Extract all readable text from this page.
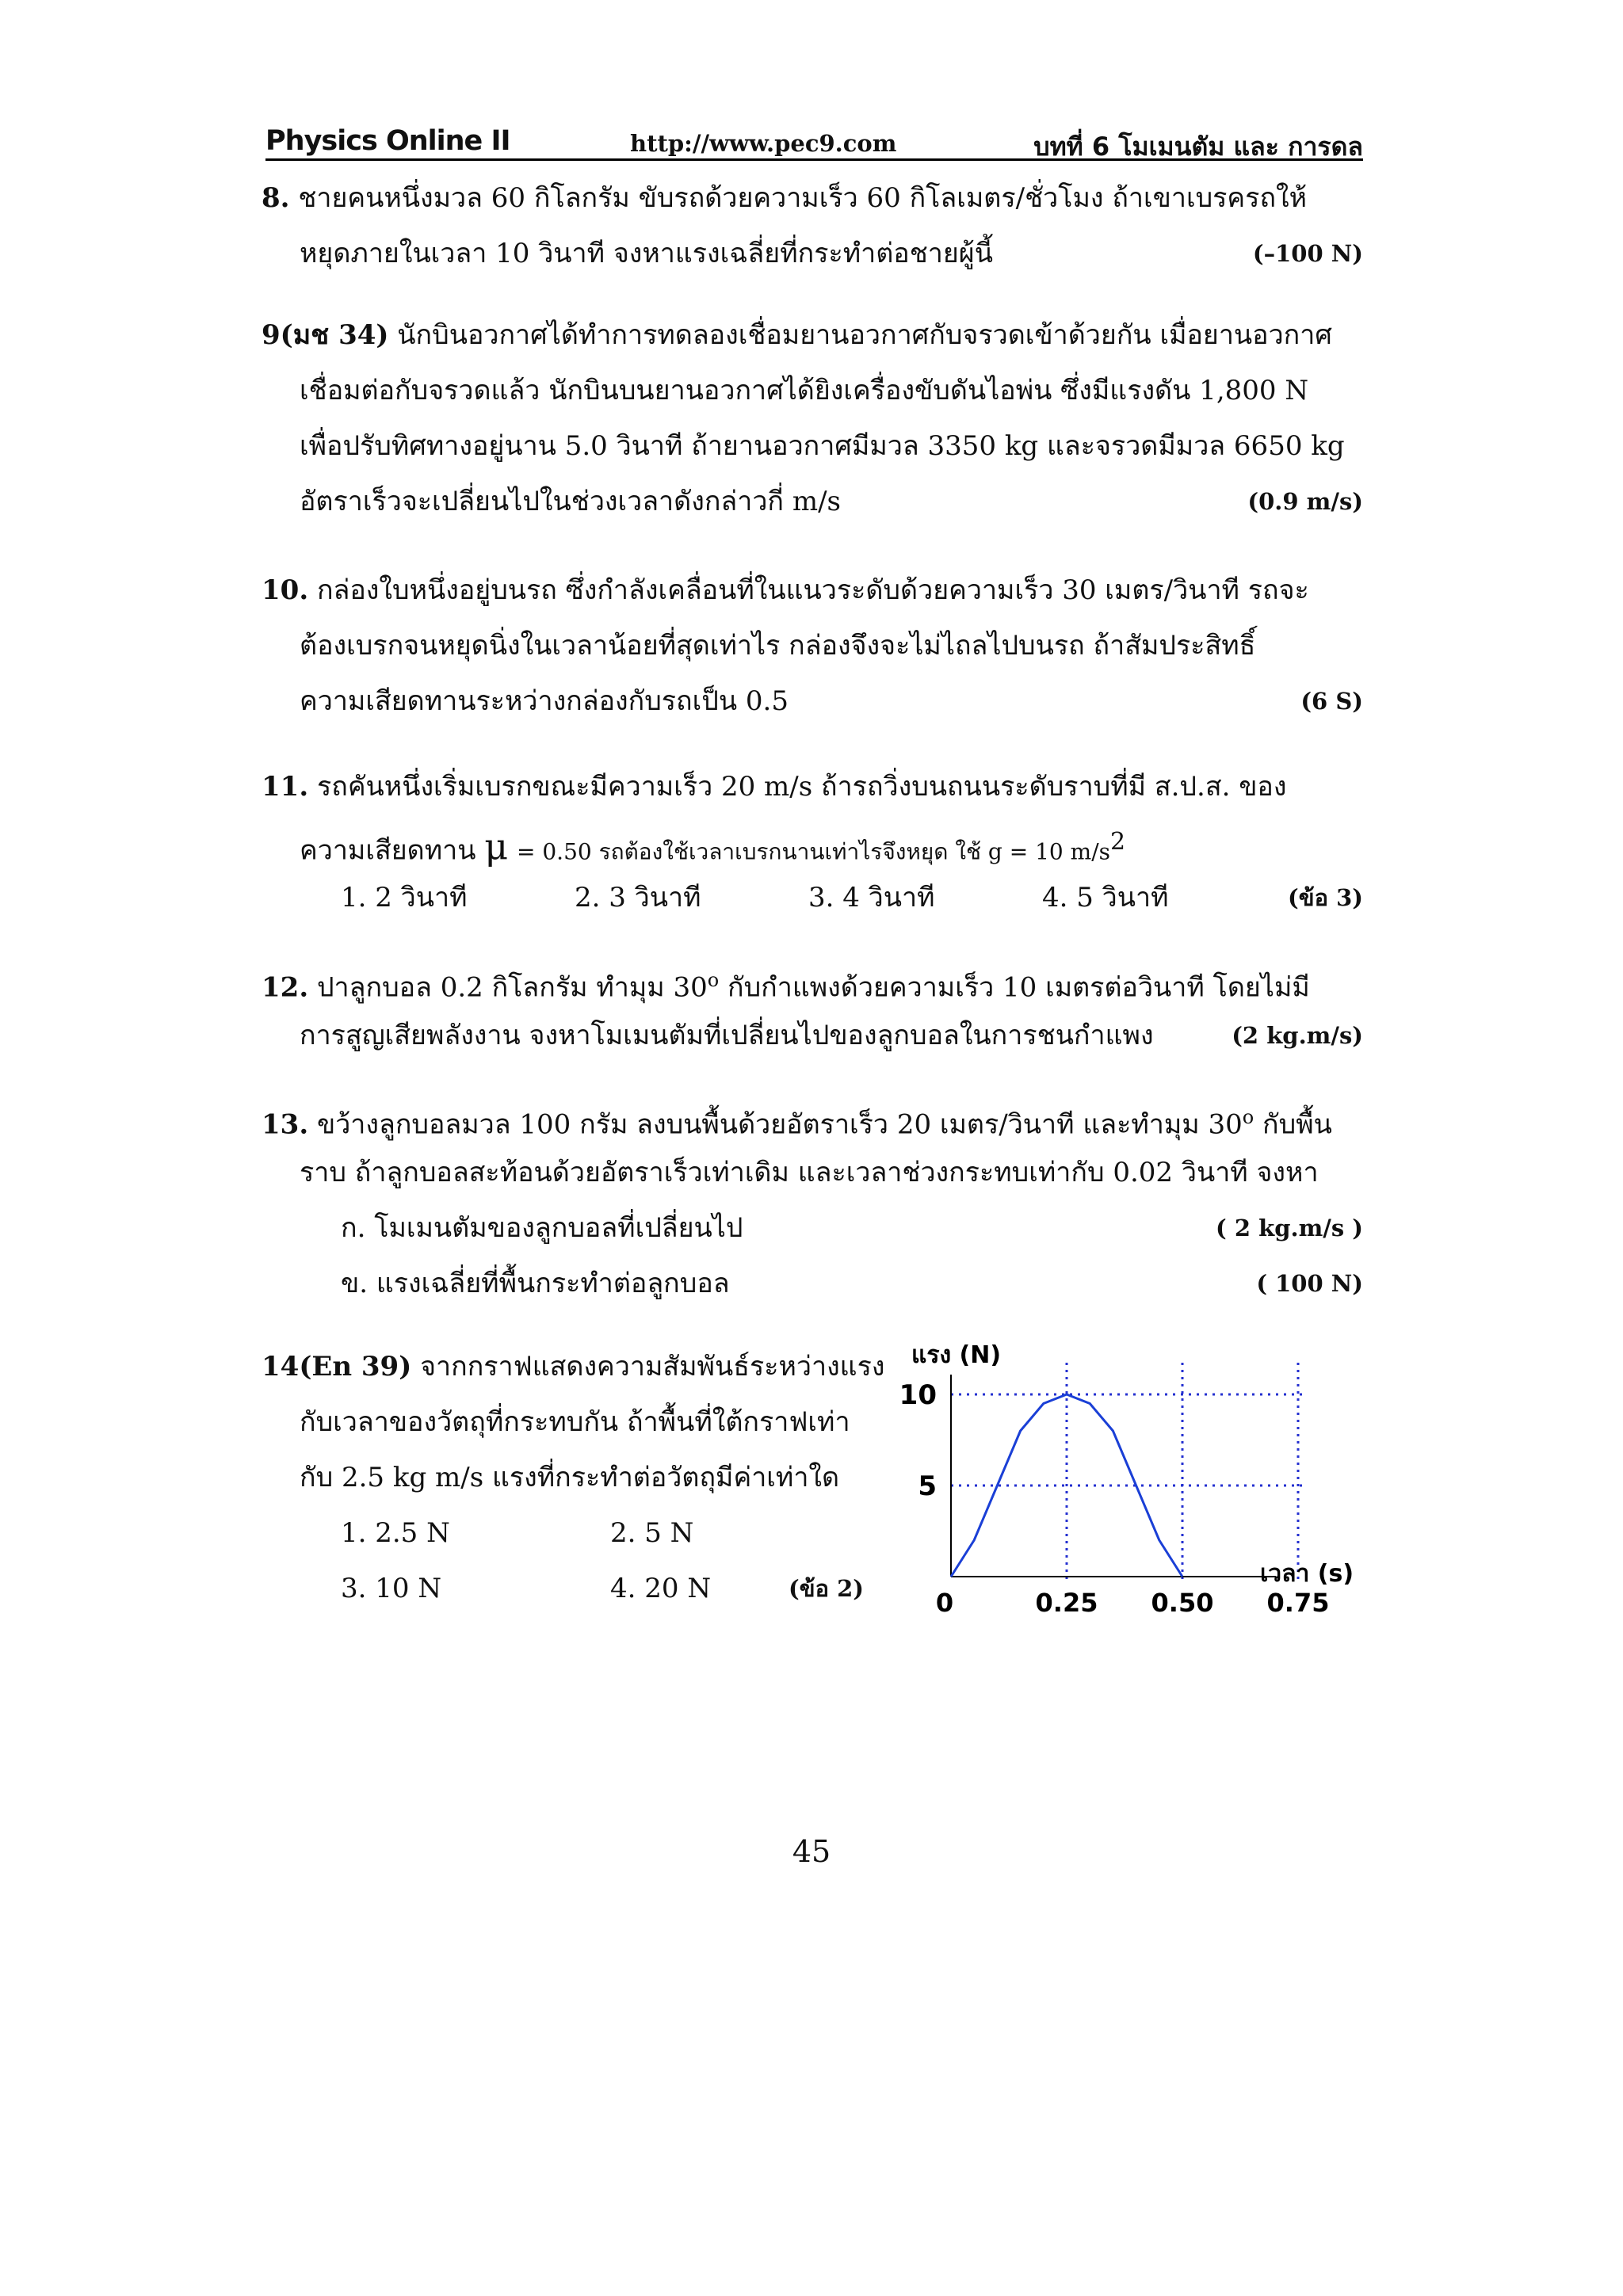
Physics Online II	http://www.pec9.com	บทที่ 6 โมเมนตัม และ การดล
8. ชายคนหนึ่งมวล 60 กิโลกรัม ขับรถด้วยความเร็ว 60 กิโลเมตร/ชั่วโมง ถ้าเขาเบรครถให้
หยุดภายในเวลา 10 วินาที จงหาแรงเฉลี่ยที่กระทำต่อชายผู้นี้	(–100 N)
9(มช 34) นักบินอวกาศได้ทำการทดลองเชื่อมยานอวกาศกับจรวดเข้าด้วยกัน เมื่อยานอวกาศ
เชื่อมต่อกับจรวดแล้ว นักบินบนยานอวกาศได้ยิงเครื่องขับดันไอพ่น ซึ่งมีแรงดัน 1,800 N
เพื่อปรับทิศทางอยู่นาน 5.0 วินาที ถ้ายานอวกาศมีมวล 3350 kg และจรวดมีมวล 6650 kg
อัตราเร็วจะเปลี่ยนไปในช่วงเวลาดังกล่าวกี่ m/s	(0.9 m/s)
10. กล่องใบหนึ่งอยู่บนรถ ซึ่งกำลังเคลื่อนที่ในแนวระดับด้วยความเร็ว 30 เมตร/วินาที รถจะ
ต้องเบรกจนหยุดนิ่งในเวลาน้อยที่สุดเท่าไร กล่องจึงจะไม่ไถลไปบนรถ ถ้าสัมประสิทธิ์
ความเสียดทานระหว่างกล่องกับรถเป็น 0.5	(6 S)
11. รถคันหนึ่งเริ่มเบรกขณะมีความเร็ว 20 m/s ถ้ารถวิ่งบนถนนระดับราบที่มี ส.ป.ส. ของ
ความเสียดทาน μ = 0.50 รถต้องใช้เวลาเบรกนานเท่าไรจึงหยุด ใช้ g = 10 $m/s^2$
1. 2 วินาที	2. 3 วินาที	3. 4 วินาที	4. 5 วินาที	(ข้อ 3)
12. ปาลูกบอล 0.2 กิโลกรัม ทำมุม 30$^o$ กับกำแพงด้วยความเร็ว 10 เมตรต่อวินาที โดยไม่มี
การสูญเสียพลังงาน จงหาโมเมนตัมที่เปลี่ยนไปของลูกบอลในการชนกำแพง	(2 kg.m/s)
13. ขว้างลูกบอลมวล 100 กรัม ลงบนพื้นด้วยอัตราเร็ว 20 เมตร/วินาที และทำมุม 30$^o$ กับพื้น
ราบ ถ้าลูกบอลสะท้อนด้วยอัตราเร็วเท่าเดิม และเวลาช่วงกระทบเท่ากับ 0.02 วินาที จงหา
ก. โมเมนตัมของลูกบอลที่เปลี่ยนไป	( 2 kg.m/s )
ข. แรงเฉลี่ยที่พื้นกระทำต่อลูกบอล	( 100 N)
14(En 39) จากกราฟแสดงความสัมพันธ์ระหว่างแรง
กับเวลาของวัตถุที่กระทบกัน ถ้าพื้นที่ใต้กราฟเท่า
กับ 2.5 kg m/s แรงที่กระทำต่อวัตถุมีค่าเท่าใด
1. 2.5 N	2. 5 N
3. 10 N	4. 20 N	(ข้อ 2)
5
10
0	0.25 0.50 0.75
แรง (N)
เวลา (s)
45
